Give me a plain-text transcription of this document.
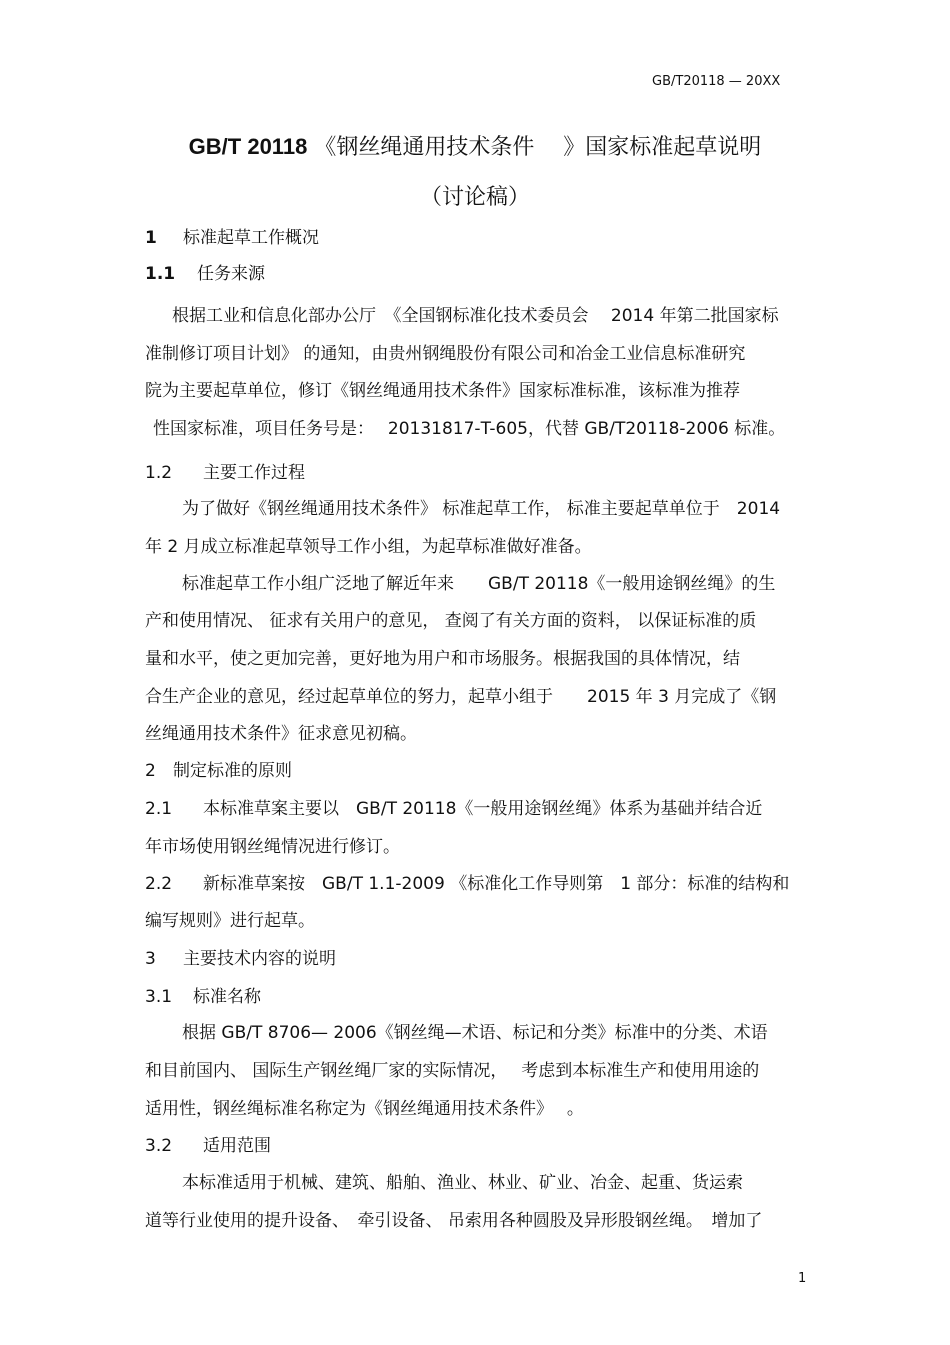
GB/T20118 — 20XX
GB/T 20118 《钢丝绳通用技术条件　 》国家标准起草说明
（讨论稿）
1 标准起草工作概况
1.1 任务来源
根据工业和信息化部办公厅　《全国钢标准化技术委员会　 2014 年第二批国家标
准制修订项目计划》 的通知，由贵州钢绳股份有限公司和冶金工业信息标准研究
院为主要起草单位，修订《钢丝绳通用技术条件》国家标准标准，该标准为推荐
性国家标准，项目任务号是：　 20131817-T-605，代替 GB/T20118-2006 标准。
1.2 主要工作过程
为了做好《钢丝绳通用技术条件》 标准起草工作， 标准主要起草单位于　2014
年 2 月成立标准起草领导工作小组，为起草标准做好准备。
标准起草工作小组广泛地了解近年来　　GB/T 20118《一般用途钢丝绳》的生
产和使用情况、 征求有关用户的意见， 查阅了有关方面的资料， 以保证标准的质
量和水平，使之更加完善，更好地为用户和市场服务。根据我国的具体情况，结
合生产企业的意见，经过起草单位的努力，起草小组于　　2015 年 3 月完成了《钢
丝绳通用技术条件》征求意见初稿。
2 制定标准的原则
2.1 本标准草案主要以　GB/T 20118《一般用途钢丝绳》体系为基础并结合近
年市场使用钢丝绳情况进行修订。
2.2 新标准草案按　GB/T 1.1-2009 《标准化工作导则第　1 部分：标准的结构和
编写规则》进行起草。
3 主要技术内容的说明
3.1 标准名称
根据 GB/T 8706— 2006《钢丝绳—术语、标记和分类》标准中的分类、术语
和目前国内、 国际生产钢丝绳厂家的实际情况，　 考虑到本标准生产和使用用途的
适用性，钢丝绳标准名称定为《钢丝绳通用技术条件》　 。
3.2 适用范围
本标准适用于机械、建筑、船舶、渔业、林业、矿业、冶金、起重、货运索
道等行业使用的提升设备、　牵引设备、 吊索用各种圆股及异形股钢丝绳。　增加了
1
